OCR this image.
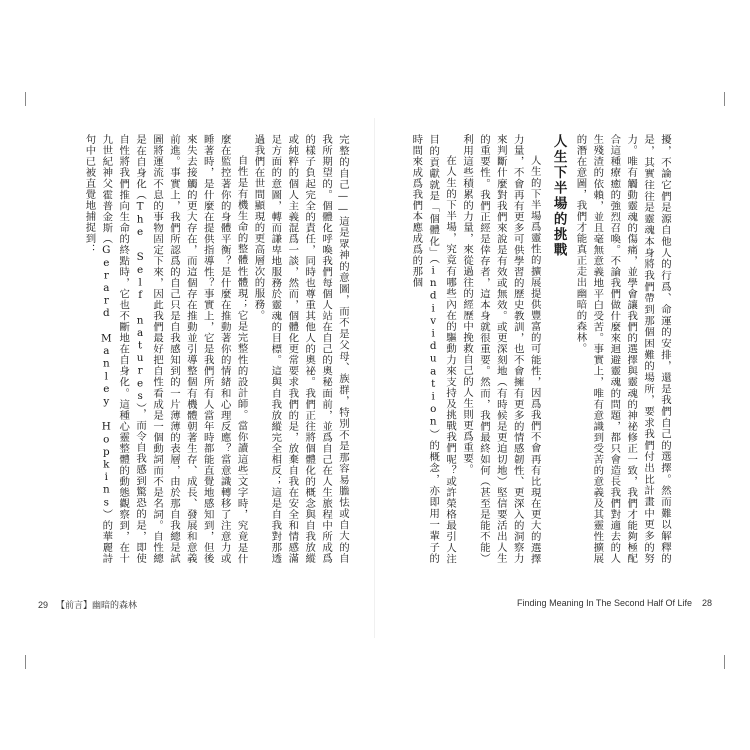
完整的自己——這是眾神的意圖，而不是父母、族群，特別不是那容易膽怯或自大的自我所期望的。個體化呼喚我們每個人站在自己的奧秘面前，並爲自己在人生旅程中所成爲的樣子負起完全的責任，同時也尊重其他人的奧祕。我們正往將個體化的概念與自我放縱或純粹的個人主義混爲一談，然而，個體化更常要求我們的是，放棄自我在安全和情感滿足方面的意圖，轉而謙卑地服務於靈魂的目標。這與自我放縱完全相反；這是自我對那透過我們在世間顯現的更高層次的服務。

自性是有機生命的整體性體現；它是完整性的設計師。當你讀這些文字時，究竟是什麼在監控著你的身體平衡？是什麼在推動著你的情緒和心理反應？當意識轉移了注意力或睡著時，是什麼在提供指導性？事實上，它是我們所有人當年時都能直覺地感知到，但後來失去接觸的更大存在，而這個存在推動並引導整個有機體朝著生存、成長、發展和意義前進。事實上，我們所認爲的自己只是自我感知到的一片薄薄的表層，由於那自我總是試圖將運流不息的事物固定下來，因此我們最好把自性看成是一個動詞而不是名詞。自性總是在自身化（The Self natures），而令自我感到驚恐的是，即使自性將我們推向生命的終點時，它也不斷地在自身化。這種心靈整體的動態觀察到，在十九世紀神父霍普金斯（Gerard Manley Hopkins）的華麗詩句中已被直覺地捕捉到：

29 【前言】幽暗的森林

擾，不論它們是源自他人的行爲、命運的安排，還是我們自己的選擇。然而難以解釋的是，其實往往是靈魂本身將我們帶到那個困難的場所，要求我們付出比計畫中更多的努力。唯有觸動靈魂的傷痛，並學會讓我們的選擇與靈魂的神祕修正一致，我們才能夠極配合這種療癒的強烈召喚。不論我們做什麼來迴避靈魂的問題，都只會造長我們對適去的人生殘渣的依賴，並且毫無意義地平白受苦。事實上，唯有意識到受苦的意義及其靈性擴展的潛在意圖，我們才能真正走出幽暗的森林。

人生下半場的挑戰

人生的下半場爲靈性的擴展提供豐富的可能性，因爲我們不會再有比現在更大的選擇力量，不會再有更多可供學習的歷史教訓，也不會擁有更多的情感韌性、更深入的洞察力來判斷什麼對我們來說是有效或無效。或更深刻地（有時候是更迫切地）堅信要活出人生的重要性。我們正經是倖存者，這本身就很重要。然而，我們最終如何（甚至是能不能）利用這些積累的力量，來從過往的經歷中挽救自己的人生則更爲重要。

在人生的下半場，究竟有哪些內在的驅動力來支持及挑戰我們呢？或許榮格最引人注目的貢獻就是「個體化」（individuation）的概念，亦即用一輩子的時間來成爲我們本應成爲的那個

Finding Meaning In The Second Half Of Life 28
